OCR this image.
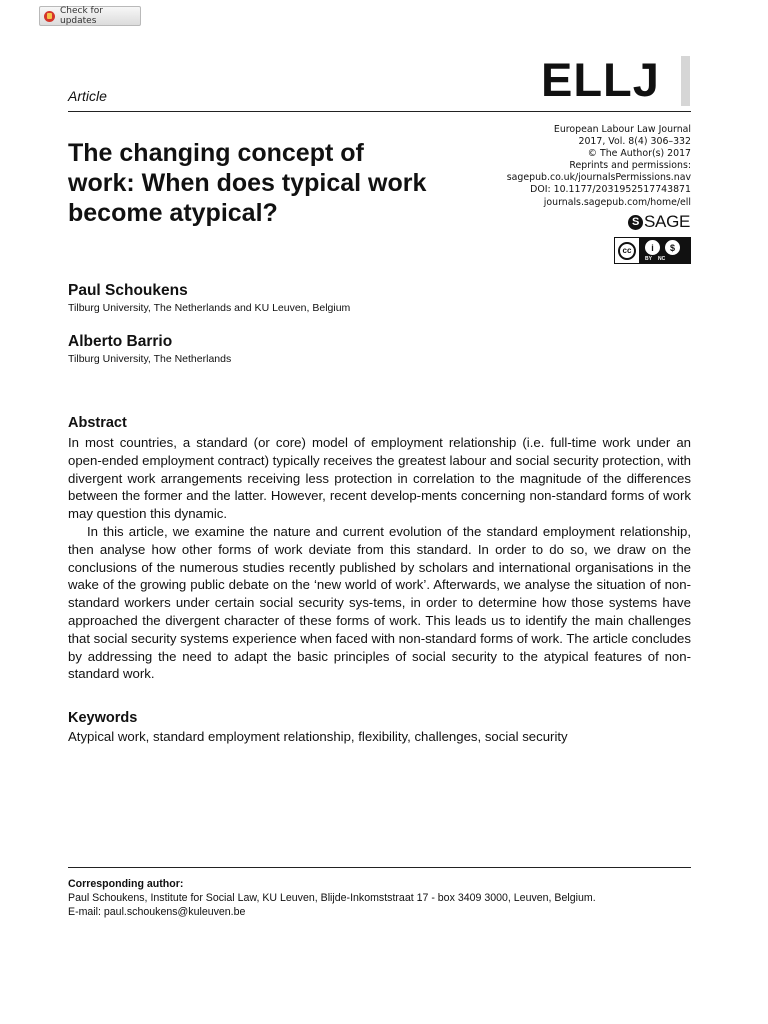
Check for updates
Article	ELLJ
European Labour Law Journal
2017, Vol. 8(4) 306–332
© The Author(s) 2017
Reprints and permissions:
sagepub.co.uk/journalsPermissions.nav
DOI: 10.1177/2031952517743871
journals.sagepub.com/home/ell
S SAGE
cc	i	$
BY NC
The changing concept of work: When does typical work become atypical?
Paul Schoukens
Tilburg University, The Netherlands and KU Leuven, Belgium
Alberto Barrio
Tilburg University, The Netherlands
Abstract

In most countries, a standard (or core) model of employment relationship (i.e. full-time work under an open-ended employment contract) typically receives the greatest labour and social security protection, with divergent work arrangements receiving less protection in correlation to the magnitude of the differences between the former and the latter. However, recent develop-ments concerning non-standard forms of work may question this dynamic.

In this article, we examine the nature and current evolution of the standard employment relationship, then analyse how other forms of work deviate from this standard. In order to do so, we draw on the conclusions of the numerous studies recently published by scholars and international organisations in the wake of the growing public debate on the ‘new world of work’. Afterwards, we analyse the situation of non-standard workers under certain social security sys-tems, in order to determine how those systems have approached the divergent character of these forms of work. This leads us to identify the main challenges that social security systems experience when faced with non-standard forms of work. The article concludes by addressing the need to adapt the basic principles of social security to the atypical features of non-standard work.

Keywords
Atypical work, standard employment relationship, flexibility, challenges, social security
Corresponding author:
Paul Schoukens, Institute for Social Law, KU Leuven, Blijde-Inkomststraat 17 - box 3409 3000, Leuven, Belgium.
E-mail: paul.schoukens@kuleuven.be
